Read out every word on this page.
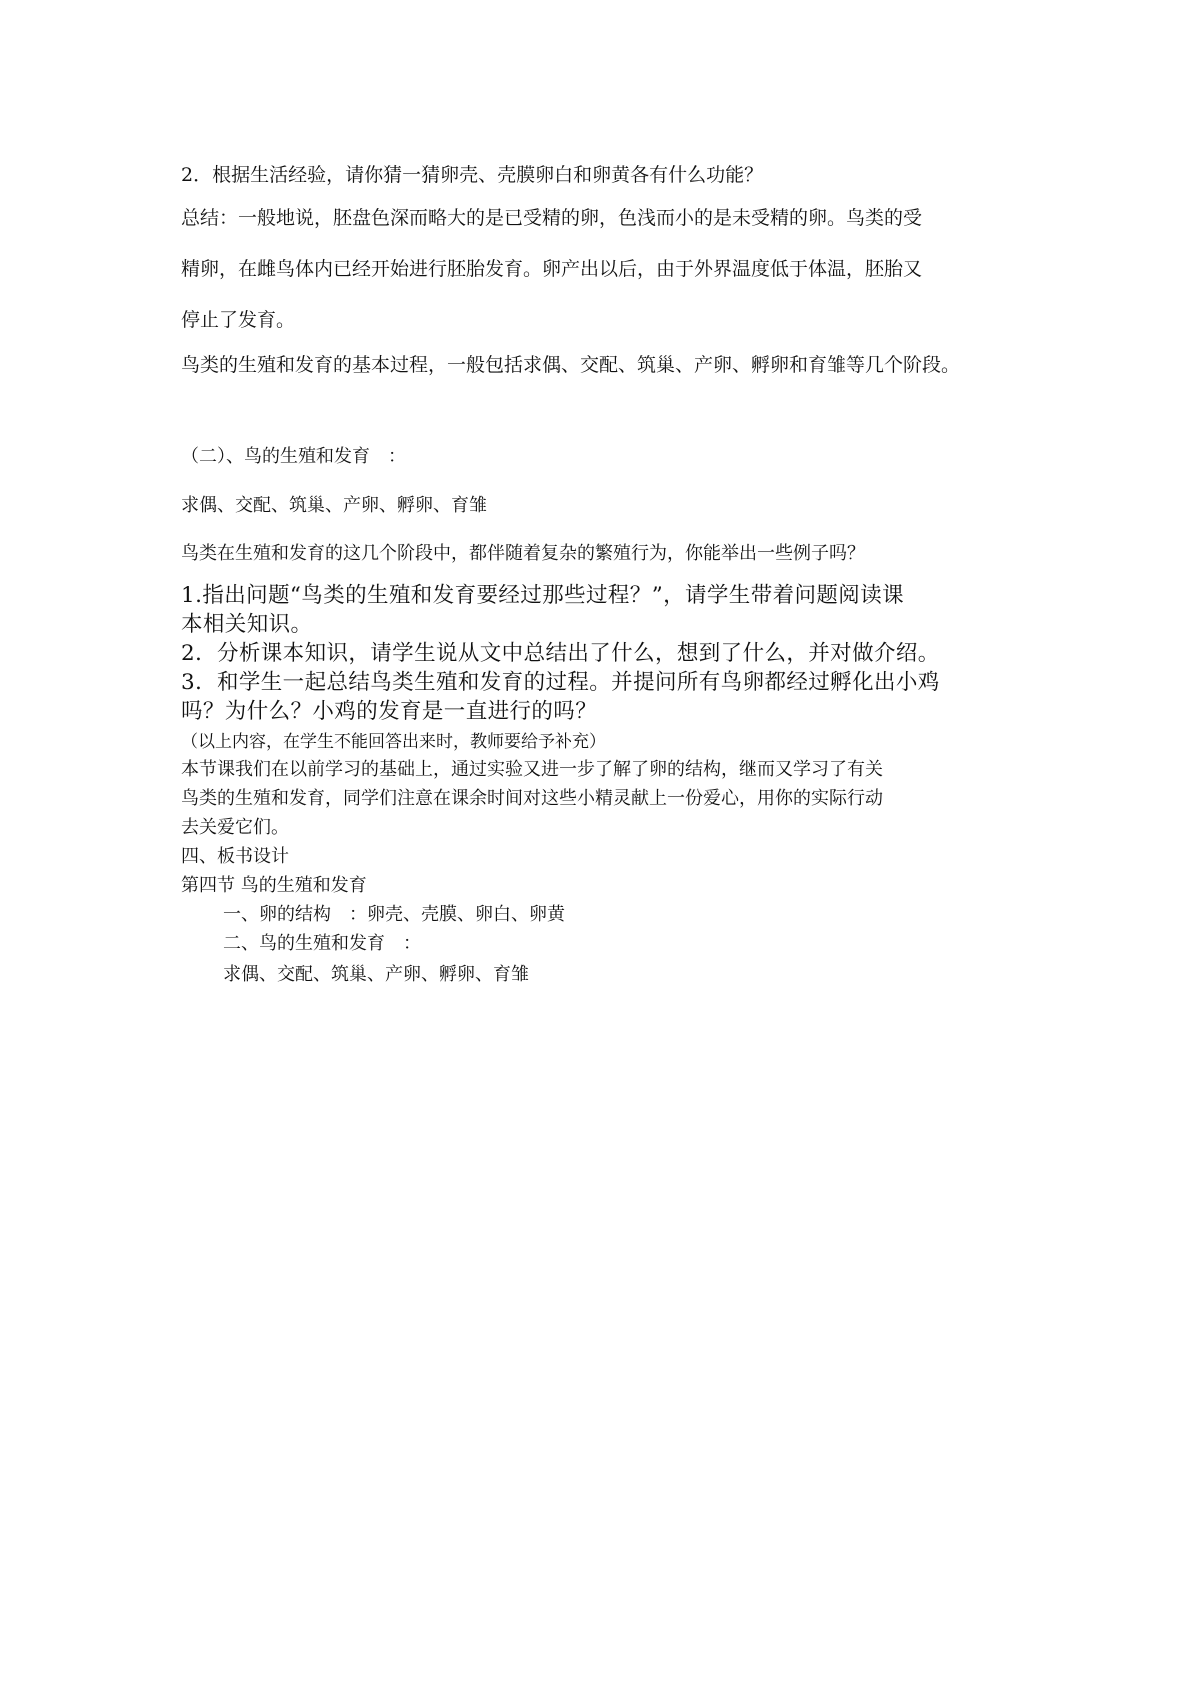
2．根据生活经验，请你猜一猜卵壳、壳膜卵白和卵黄各有什么功能？
总结：一般地说，胚盘色深而略大的是已受精的卵，色浅而小的是未受精的卵。鸟类的受
精卵，在雌鸟体内已经开始进行胚胎发育。卵产出以后，由于外界温度低于体温，胚胎又
停止了发育。
鸟类的生殖和发育的基本过程，一般包括求偶、交配、筑巢、产卵、孵卵和育雏等几个阶段。
（二）、鸟的生殖和发育　：
求偶、交配、筑巢、产卵、孵卵、育雏
鸟类在生殖和发育的这几个阶段中，都伴随着复杂的繁殖行为，你能举出一些例子吗？
1.指出问题“鸟类的生殖和发育要经过那些过程？”，请学生带着问题阅读课
本相关知识。
2．分析课本知识，请学生说从文中总结出了什么，想到了什么，并对做介绍。
3．和学生一起总结鸟类生殖和发育的过程。并提问所有鸟卵都经过孵化出小鸡
吗？为什么？小鸡的发育是一直进行的吗？
（以上内容，在学生不能回答出来时，教师要给予补充）
本节课我们在以前学习的基础上，通过实验又进一步了解了卵的结构，继而又学习了有关
鸟类的生殖和发育，同学们注意在课余时间对这些小精灵献上一份爱心，用你的实际行动
去关爱它们。
四、板书设计
第四节 鸟的生殖和发育
一、卵的结构　：卵壳、壳膜、卵白、卵黄
二、鸟的生殖和发育　：
求偶、交配、筑巢、产卵、孵卵、育雏
